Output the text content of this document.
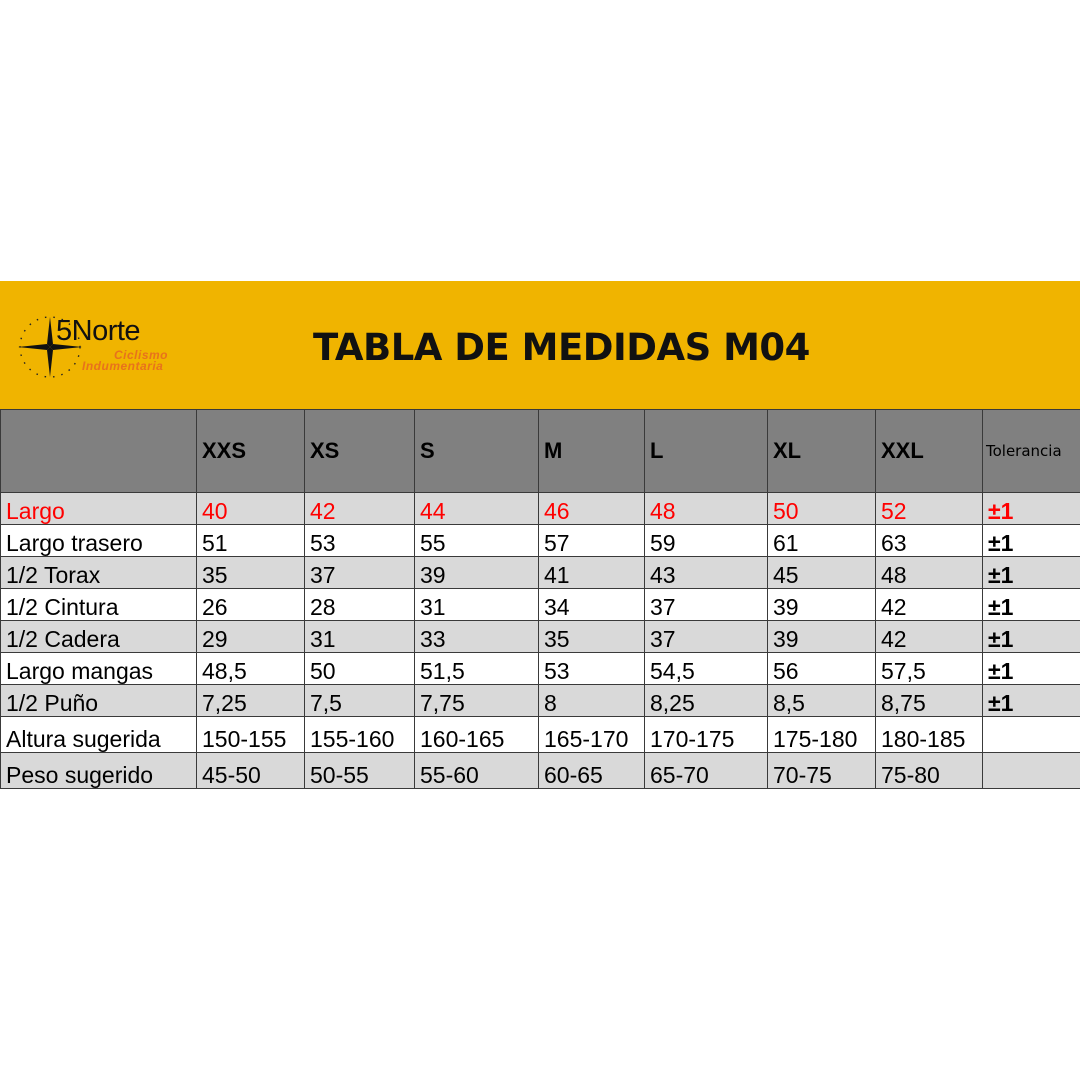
5Norte
Ciclismo
Indumentaria	TABLA DE MEDIDAS M04
	XXS	XS	S	M	L	XL	XXL	Tolerancia
Largo	40	42	44	46	48	50	52	±1
Largo trasero	51	53	55	57	59	61	63	±1
1/2 Torax	35	37	39	41	43	45	48	±1
1/2 Cintura	26	28	31	34	37	39	42	±1
1/2 Cadera	29	31	33	35	37	39	42	±1
Largo mangas	48,5	50	51,5	53	54,5	56	57,5	±1
1/2 Puño	7,25	7,5	7,75	8	8,25	8,5	8,75	±1
Altura sugerida	150-155	155-160	160-165	165-170	170-175	175-180	180-185	
Peso sugerido	45-50	50-55	55-60	60-65	65-70	70-75	75-80	
